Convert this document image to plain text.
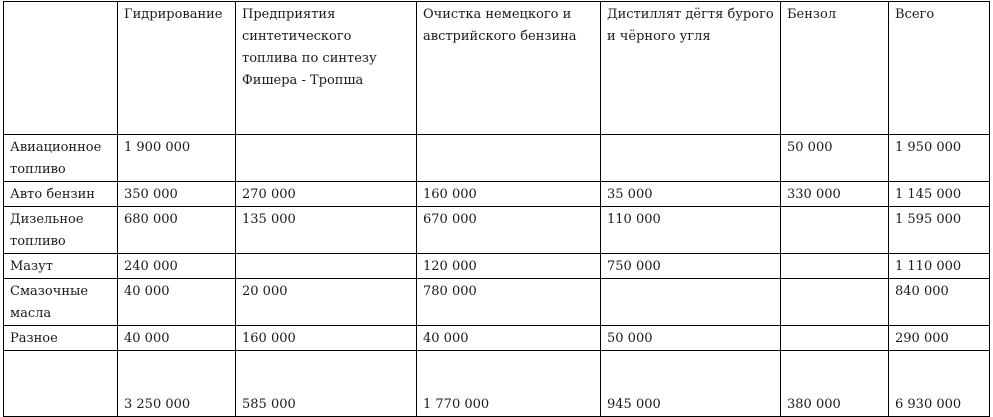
	Гидрирование	Предприятия синтетического топлива по синтезу Фишера - Тропша	Очистка немецкого и австрийского бензина	Дистиллят дёгтя бурого и чёрного угля	Бензол	Всего
Авиационное топливо	1 900 000				50 000	1 950 000
Авто бензин	350 000	270 000	160 000	35 000	330 000	1 145 000
Дизельное топливо	680 000	135 000	670 000	110 000		1 595 000
Мазут	240 000		120 000	750 000		1 110 000
Смазочные масла	40 000	20 000	780 000			840 000
Разное	40 000	160 000	40 000	50 000		290 000
	3 250 000	585 000	1 770 000	945 000	380 000	6 930 000
